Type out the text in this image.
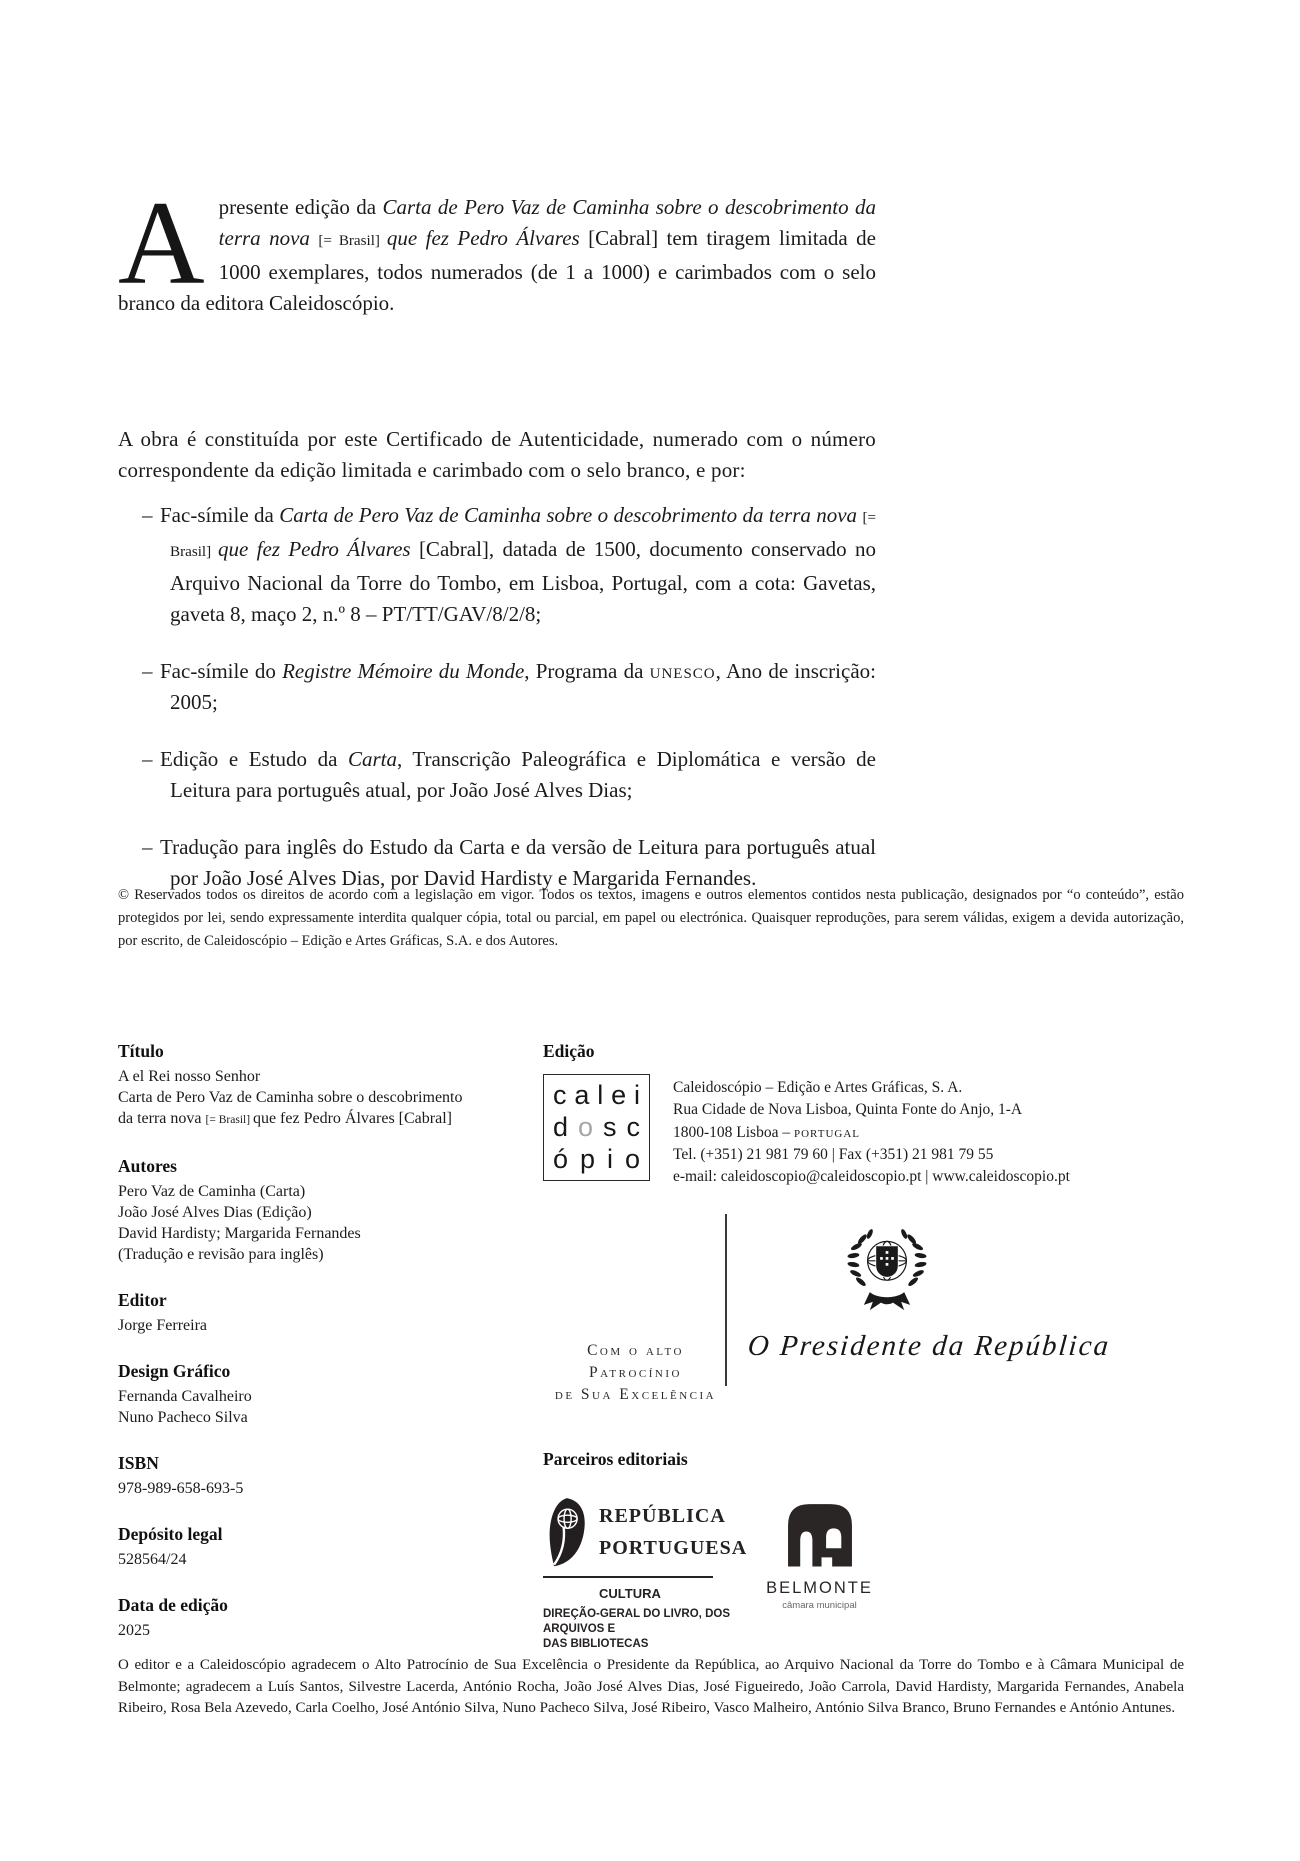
A presente edição da Carta de Pero Vaz de Caminha sobre o descobrimento da terra nova [= Brasil] que fez Pedro Álvares [Cabral] tem tiragem limitada de 1000 exemplares, todos numerados (de 1 a 1000) e carimbados com o selo branco da editora Caleidoscópio.

A obra é constituída por este Certificado de Autenticidade, numerado com o número correspondente da edição limitada e carimbado com o selo branco, e por:

– Fac-símile da Carta de Pero Vaz de Caminha sobre o descobrimento da terra nova [= Brasil] que fez Pedro Álvares [Cabral], datada de 1500, documento conservado no Arquivo Nacional da Torre do Tombo, em Lisboa, Portugal, com a cota: Gavetas, gaveta 8, maço 2, n.º 8 – PT/TT/GAV/8/2/8;
– Fac-símile do Registre Mémoire du Monde, Programa da unesco, Ano de inscrição: 2005;
– Edição e Estudo da Carta, Transcrição Paleográfica e Diplomática e versão de Leitura para português atual, por João José Alves Dias;
– Tradução para inglês do Estudo da Carta e da versão de Leitura para português atual por João José Alves Dias, por David Hardisty e Margarida Fernandes.
© Reservados todos os direitos de acordo com a legislação em vigor. Todos os textos, imagens e outros elementos contidos nesta publicação, designados por “o conteúdo”, estão protegidos por lei, sendo expressamente interdita qualquer cópia, total ou parcial, em papel ou electrónica. Quaisquer reproduções, para serem válidas, exigem a devida autorização, por escrito, de Caleidoscópio – Edição e Artes Gráficas, S.A. e dos Autores.
Título
A el Rei nosso Senhor
Carta de Pero Vaz de Caminha sobre o descobrimento
da terra nova [= Brasil] que fez Pedro Álvares [Cabral]
Autores
Pero Vaz de Caminha (Carta)
João José Alves Dias (Edição)
David Hardisty; Margarida Fernandes
(Tradução e revisão para inglês)
Editor
Jorge Ferreira
Design Gráfico
Fernanda Cavalheiro
Nuno Pacheco Silva
ISBN
978-989-658-693-5
Depósito legal
528564/24
Data de edição
2025
Edição
c a l e i
d o s c
ó p i o
Caleidoscópio – Edição e Artes Gráficas, S. A.
Rua Cidade de Nova Lisboa, Quinta Fonte do Anjo, 1-A
1800-108 Lisboa – portugal
Tel. (+351) 21 981 79 60 | Fax (+351) 21 981 79 55
e-mail: caleidoscopio@caleidoscopio.pt | www.caleidoscopio.pt
Com o alto Patrocínio
de Sua Excelência
O Presidente da República
Parceiros editoriais
REPÚBLICA
PORTUGUESA
CULTURA
DIREÇÃO-GERAL DO LIVRO, DOS ARQUIVOS E
DAS BIBLIOTECAS
BELMONTE
câmara municipal
O editor e a Caleidoscópio agradecem o Alto Patrocínio de Sua Excelência o Presidente da República, ao Arquivo Nacional da Torre do Tombo e à Câmara Municipal de Belmonte; agradecem a Luís Santos, Silvestre Lacerda, António Rocha, João José Alves Dias, José Figueiredo, João Carrola, David Hardisty, Margarida Fernandes, Anabela Ribeiro, Rosa Bela Azevedo, Carla Coelho, José António Silva, Nuno Pacheco Silva, José Ribeiro, Vasco Malheiro, António Silva Branco, Bruno Fernandes e António Antunes.
